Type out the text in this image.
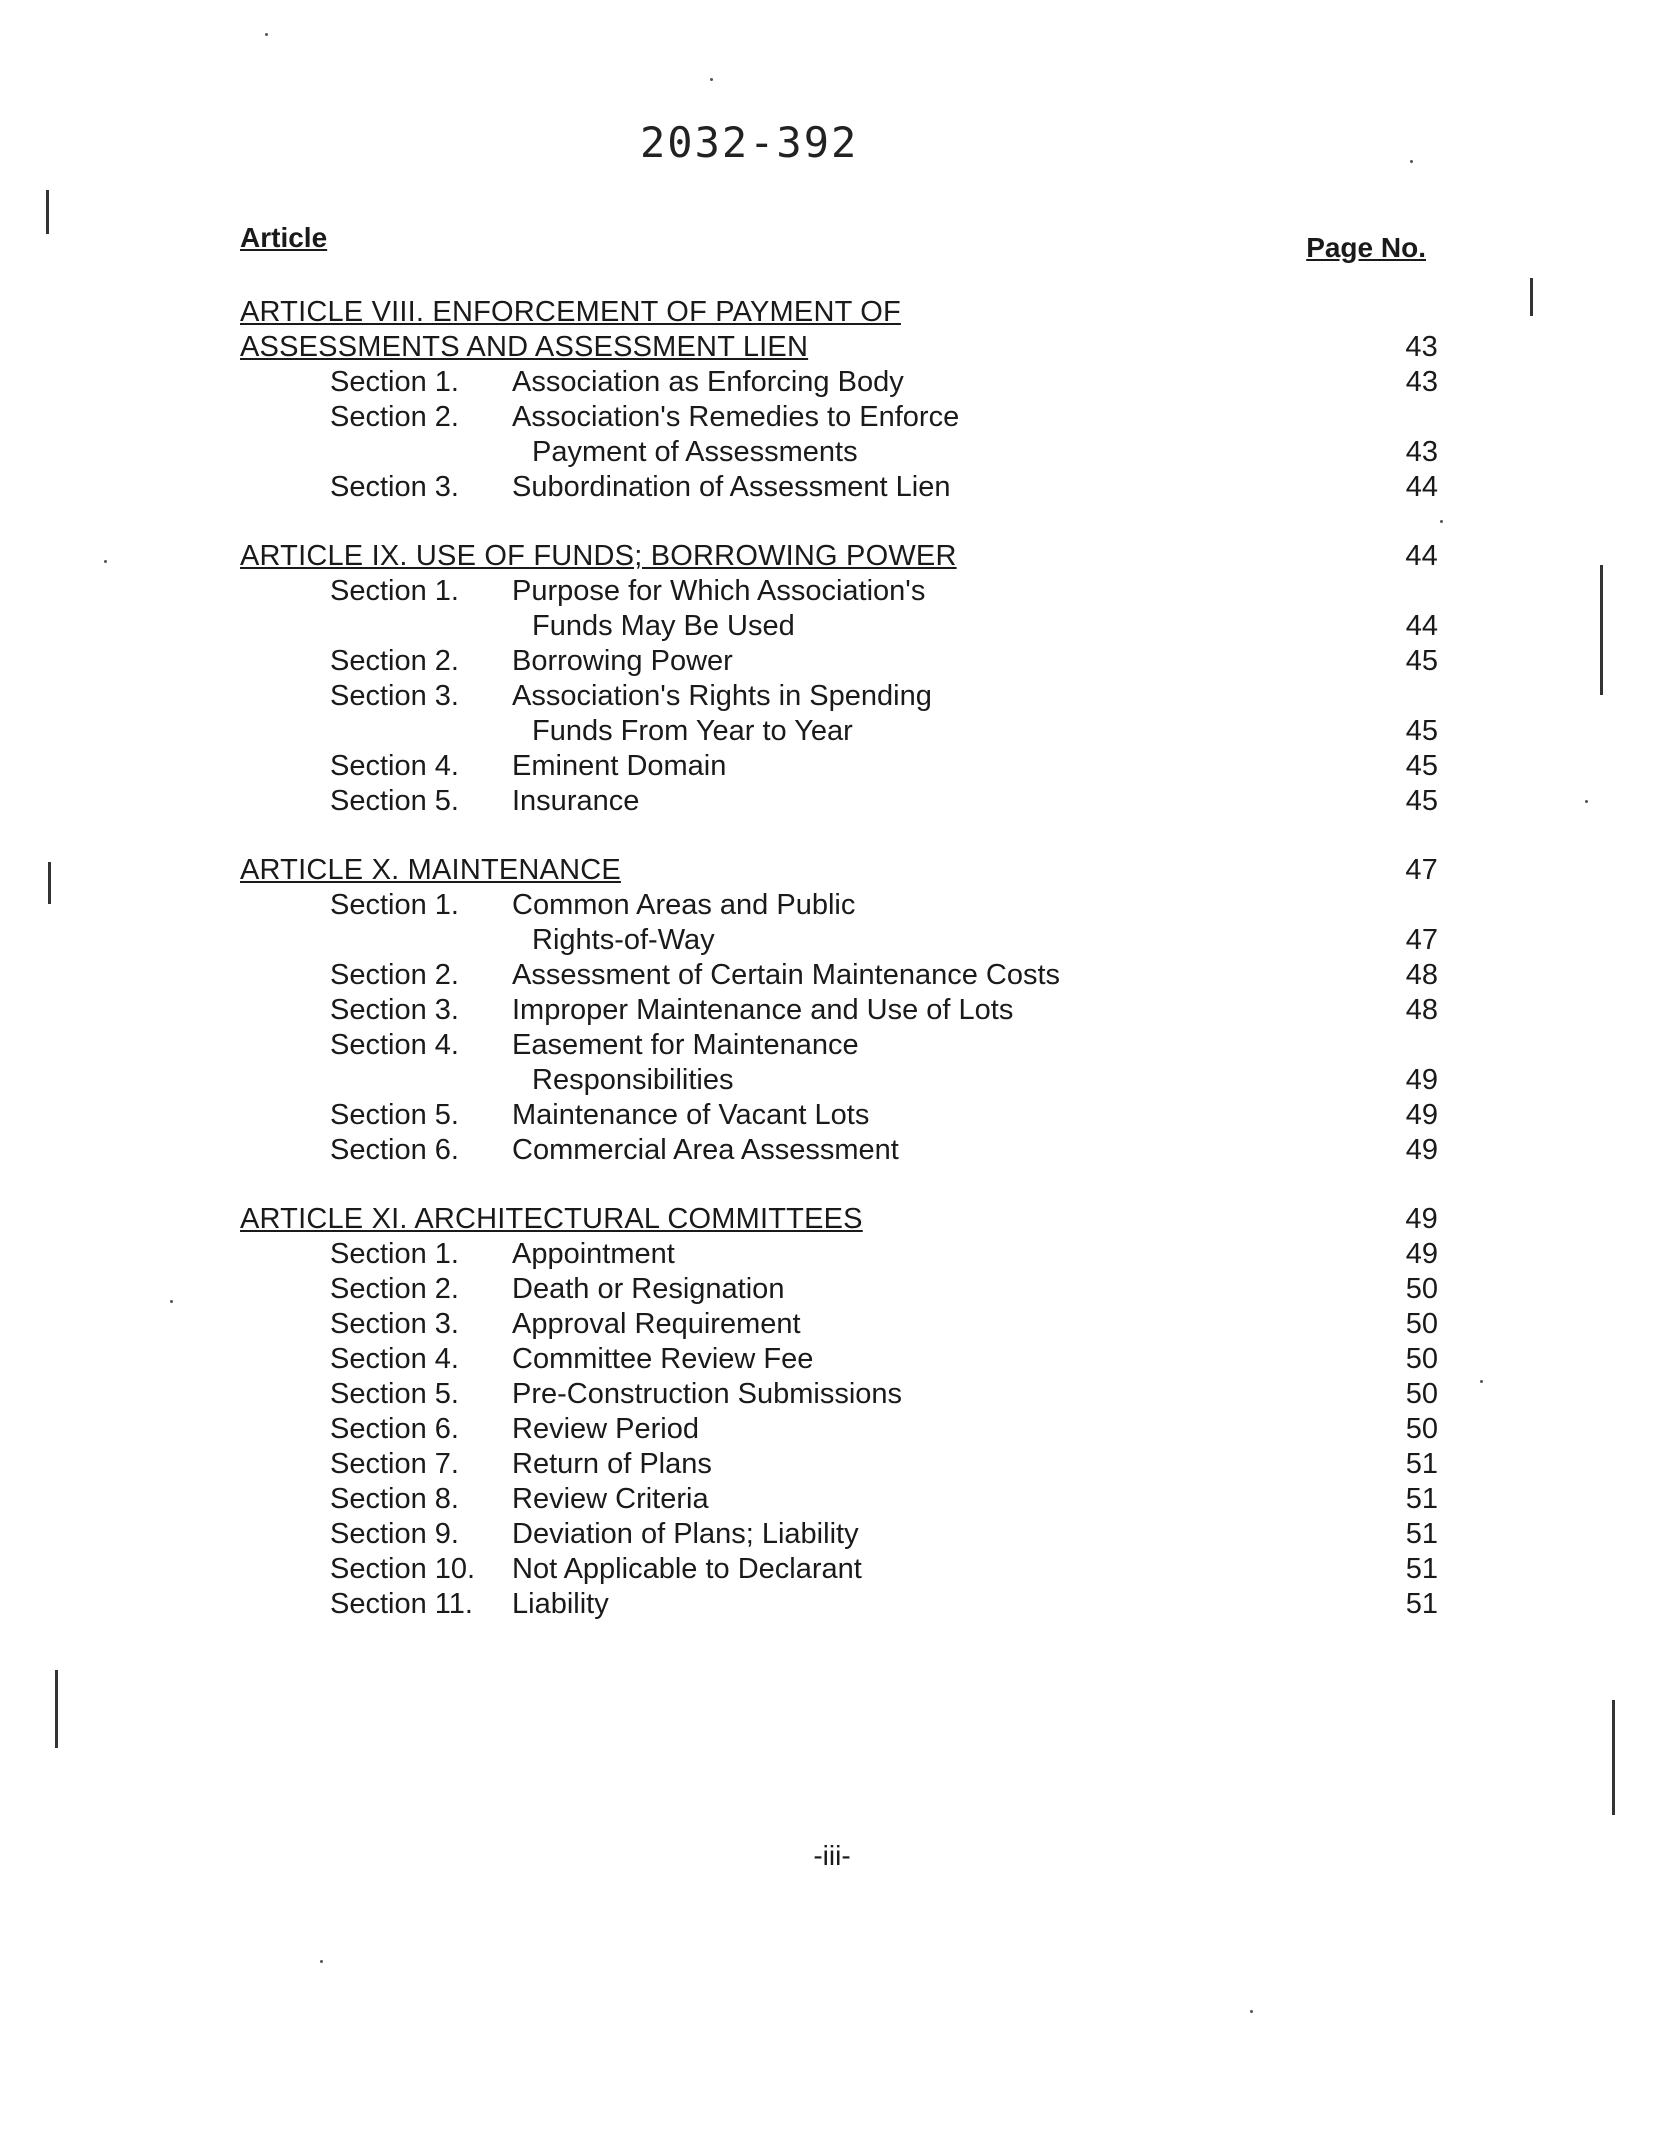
2032-392
Article	Page No.
ARTICLE VIII. ENFORCEMENT OF PAYMENT OF
ASSESSMENTS AND ASSESSMENT LIEN	43
Section 1. Association as Enforcing Body	43
Section 2. Association's Remedies to Enforce
Payment of Assessments	43
Section 3. Subordination of Assessment Lien	44
ARTICLE IX. USE OF FUNDS; BORROWING POWER	44
Section 1. Purpose for Which Association's
Funds May Be Used	44
Section 2. Borrowing Power	45
Section 3. Association's Rights in Spending
Funds From Year to Year	45
Section 4. Eminent Domain	45
Section 5. Insurance	45
ARTICLE X. MAINTENANCE	47
Section 1. Common Areas and Public
Rights-of-Way	47
Section 2. Assessment of Certain Maintenance Costs	48
Section 3. Improper Maintenance and Use of Lots	48
Section 4. Easement for Maintenance
Responsibilities	49
Section 5. Maintenance of Vacant Lots	49
Section 6. Commercial Area Assessment	49
ARTICLE XI. ARCHITECTURAL COMMITTEES	49
Section 1. Appointment	49
Section 2. Death or Resignation	50
Section 3. Approval Requirement	50
Section 4. Committee Review Fee	50
Section 5. Pre-Construction Submissions	50
Section 6. Review Period	50
Section 7. Return of Plans	51
Section 8. Review Criteria	51
Section 9. Deviation of Plans; Liability	51
Section 10. Not Applicable to Declarant	51
Section 11. Liability	51
-iii-
